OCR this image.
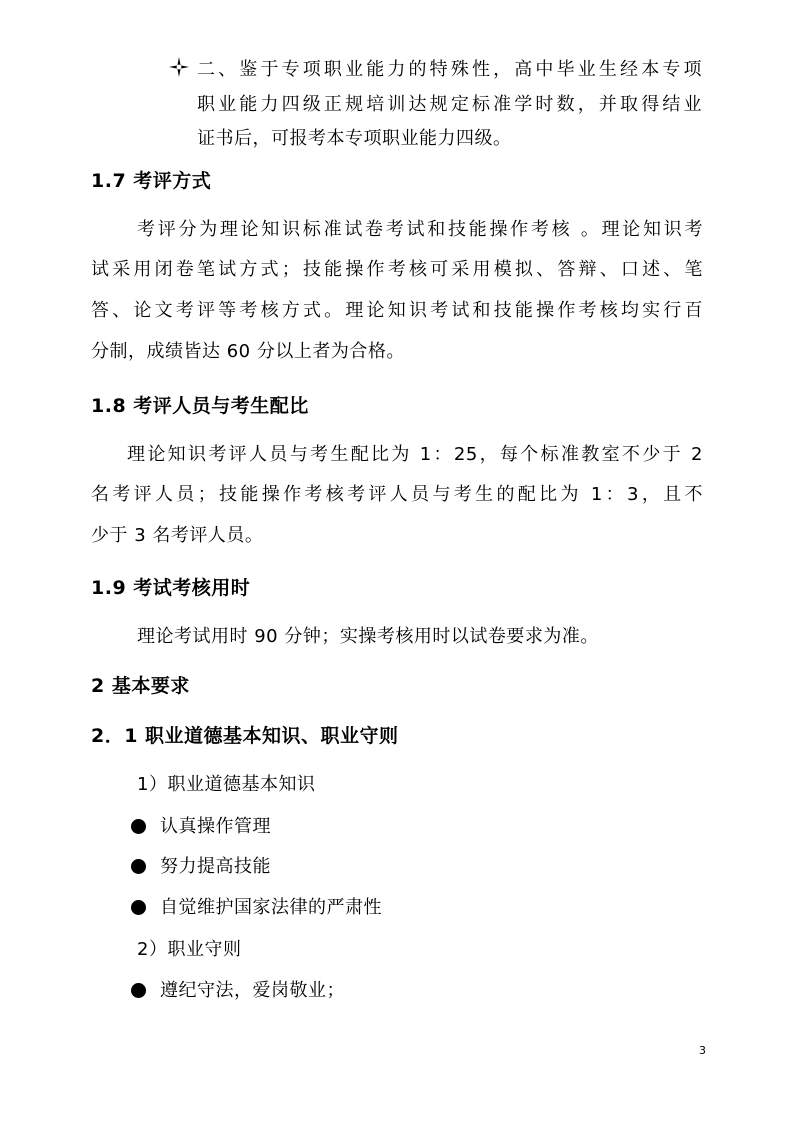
二、鉴于专项职业能力的特殊性，高中毕业生经本专项
职业能力四级正规培训达规定标准学时数，并取得结业
证书后，可报考本专项职业能力四级。
1.7 考评方式
考评分为理论知识标准试卷考试和技能操作考核 。理论知识考
试采用闭卷笔试方式；技能操作考核可采用模拟、答辩、口述、笔
答、论文考评等考核方式。理论知识考试和技能操作考核均实行百
分制，成绩皆达 60 分以上者为合格。
1.8 考评人员与考生配比
理论知识考评人员与考生配比为 1：25，每个标准教室不少于 2
名考评人员；技能操作考核考评人员与考生的配比为 1：3，且不
少于 3 名考评人员。
1.9 考试考核用时
理论考试用时 90 分钟；实操考核用时以试卷要求为准。
2 基本要求
2．1 职业道德基本知识、职业守则
1）职业道德基本知识
认真操作管理
努力提高技能
自觉维护国家法律的严肃性
2）职业守则
遵纪守法，爱岗敬业；
3
